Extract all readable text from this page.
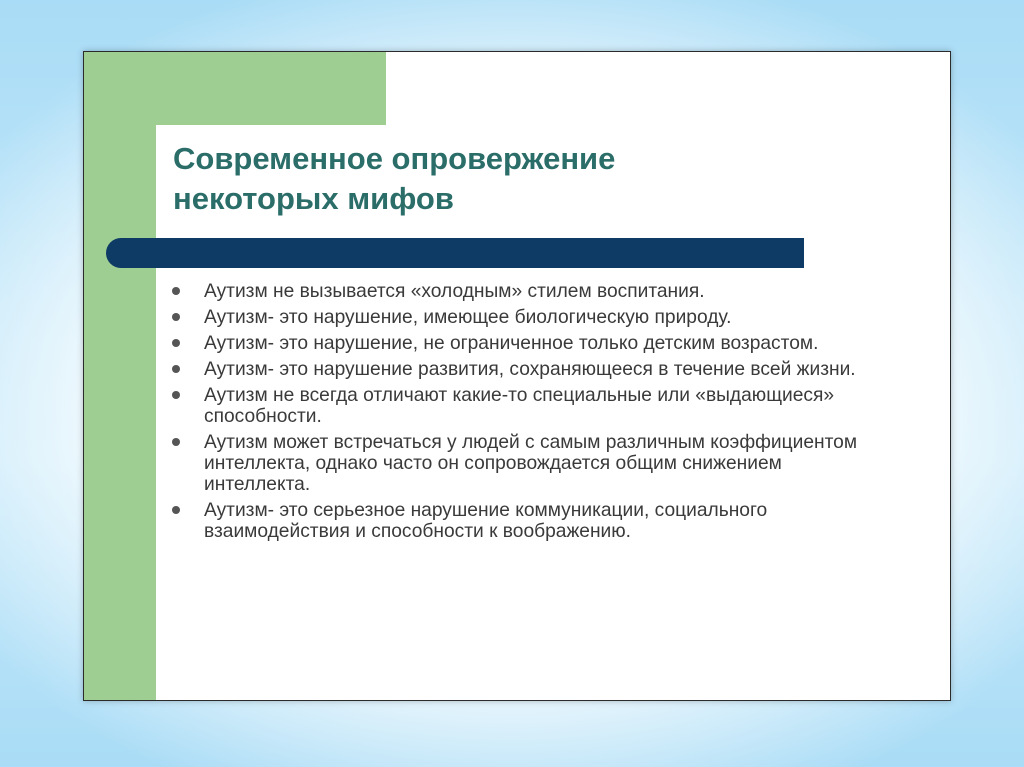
Современное опровержение
некоторых мифов
Аутизм не вызывается «холодным» стилем воспитания.
Аутизм- это нарушение, имеющее биологическую природу.
Аутизм- это нарушение, не ограниченное только детским возрастом.
Аутизм- это нарушение развития, сохраняющееся в течение всей жизни.
Аутизм не всегда отличают какие-то специальные или «выдающиеся» способности.
Аутизм может встречаться у людей с самым различным коэффициентом интеллекта, однако часто он сопровождается общим снижением интеллекта.
Аутизм- это серьезное нарушение коммуникации, социального взаимодействия и способности к воображению.
